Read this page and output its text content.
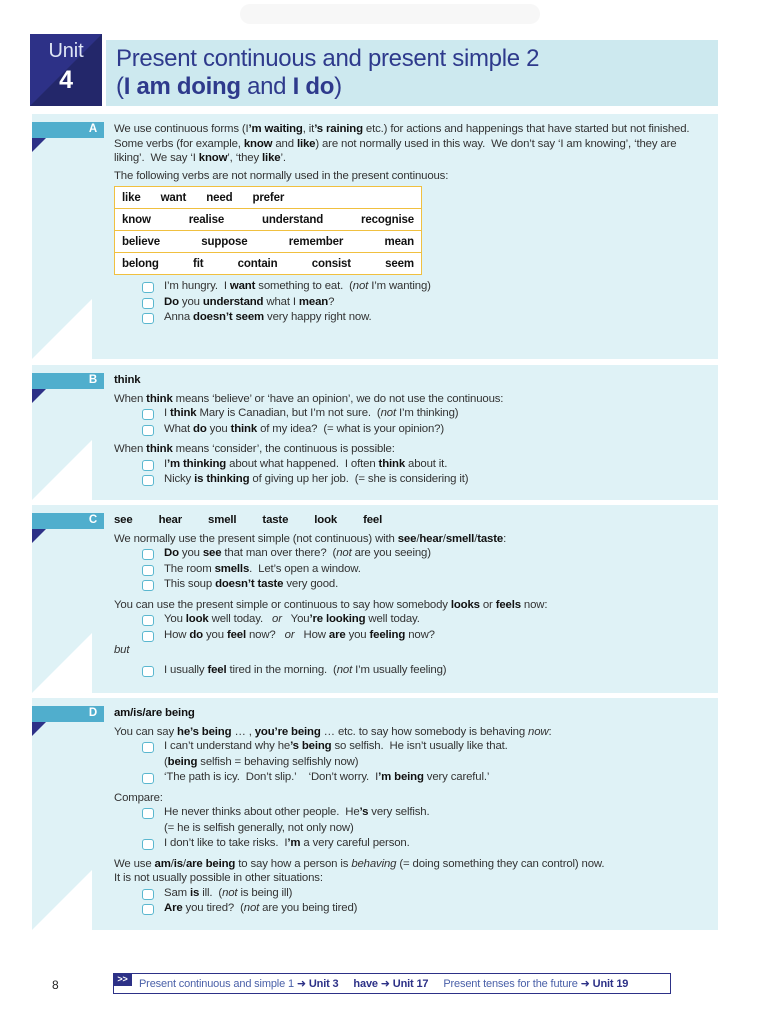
Unit
4
Present continuous and present simple 2
(I am doing and I do)
A We use continuous forms (I’m waiting, it’s raining etc.) for actions and happenings that have started but not finished.
Some verbs (for example, know and like) are not normally used in this way.  We don’t say ‘I am knowing’, ‘they are liking’.  We say ‘I know’, ‘they like’.
The following verbs are not normally used in the present continuous:
like want need prefer

know	realise	understand	recognise

believe	suppose	remember	mean

belong	fit	contain	consist	seem
I’m hungry.  I want something to eat.  (not I’m wanting)
Do you understand what I mean?
Anna doesn’t seem very happy right now.
B think
When think means ‘believe’ or ‘have an opinion’, we do not use the continuous:
I think Mary is Canadian, but I’m not sure.  (not I’m thinking)
What do you think of my idea?  (= what is your opinion?)
When think means ‘consider’, the continuous is possible:
I’m thinking about what happened.  I often think about it.
Nicky is thinking of giving up her job.  (= she is considering it)
C see hear smell taste look feel
We normally use the present simple (not continuous) with see/hear/smell/taste:
Do you see that man over there?  (not are you seeing)
The room smells.  Let’s open a window.
This soup doesn’t taste very good.
You can use the present simple or continuous to say how somebody looks or feels now:
You look well today.   or   You’re looking well today.
How do you feel now?   or   How are you feeling now?
but
I usually feel tired in the morning.  (not I’m usually feeling)
D am/is/are being
You can say he’s being … , you’re being … etc. to say how somebody is behaving now:
I can’t understand why he’s being so selfish.  He isn’t usually like that.
(being selfish = behaving selfishly now)
‘The path is icy.  Don’t slip.’    ‘Don’t worry.  I’m being very careful.’
Compare:
He never thinks about other people.  He’s very selfish.
(= he is selfish generally, not only now)
I don’t like to take risks.  I’m a very careful person.
We use am/is/are being to say how a person is behaving (= doing something they can control) now.
It is not usually possible in other situations:
Sam is ill.  (not is being ill)
Are you tired?  (not are you being tired)
8	>>	Present continuous and simple 1 ➜ Unit 3 have ➜ Unit 17 Present tenses for the future ➜ Unit 19
